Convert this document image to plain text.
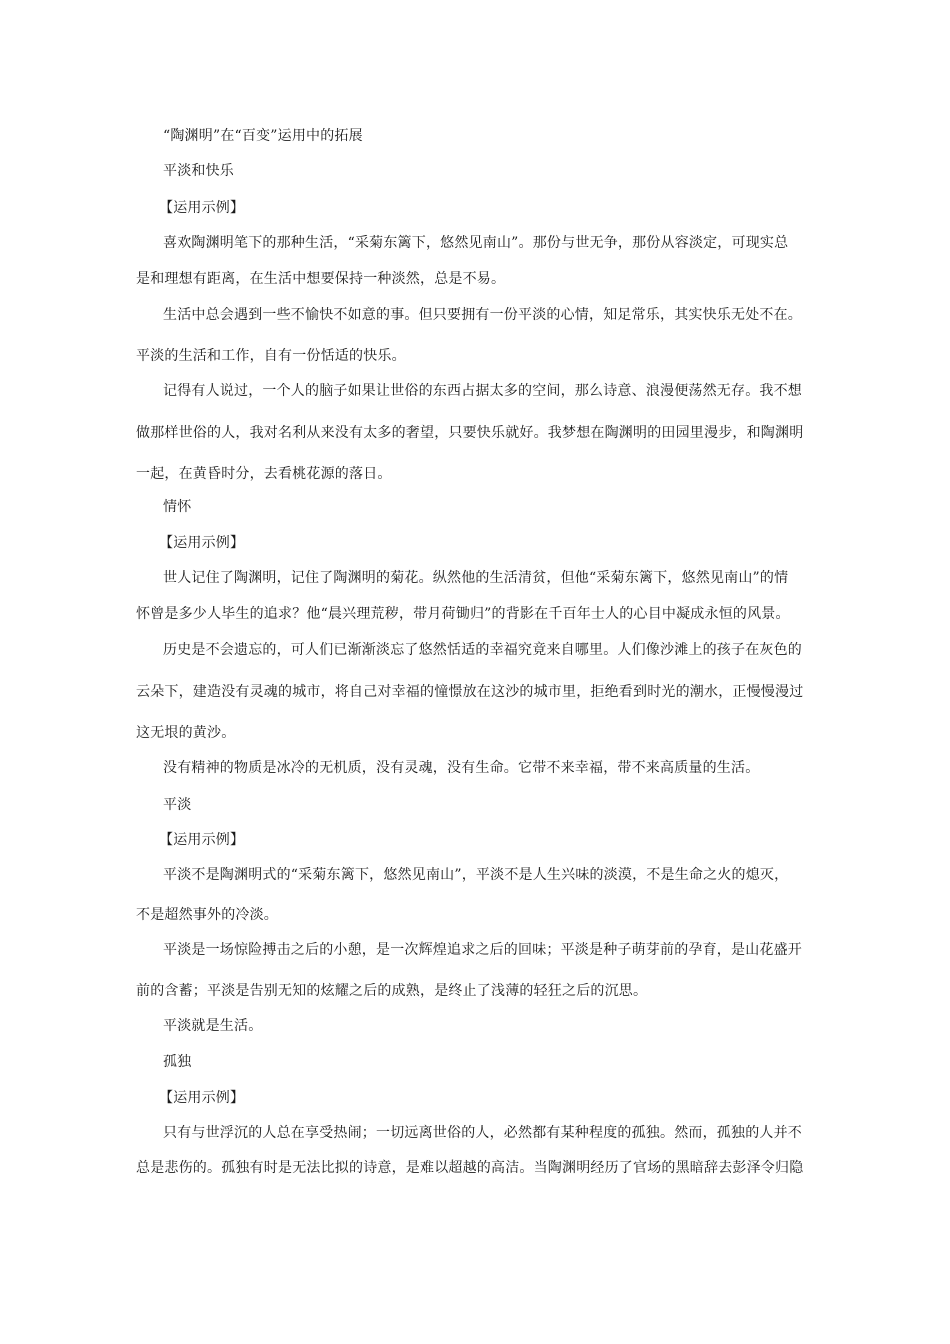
“陶渊明”在“百变”运用中的拓展
平淡和快乐
【运用示例】
喜欢陶渊明笔下的那种生活，“采菊东篱下，悠然见南山”。那份与世无争，那份从容淡定，可现实总
是和理想有距离，在生活中想要保持一种淡然，总是不易。
生活中总会遇到一些不愉快不如意的事。但只要拥有一份平淡的心情，知足常乐，其实快乐无处不在。
平淡的生活和工作，自有一份恬适的快乐。
记得有人说过，一个人的脑子如果让世俗的东西占据太多的空间，那么诗意、浪漫便荡然无存。我不想
做那样世俗的人，我对名利从来没有太多的奢望，只要快乐就好。我梦想在陶渊明的田园里漫步，和陶渊明
一起，在黄昏时分，去看桃花源的落日。
情怀
【运用示例】
世人记住了陶渊明，记住了陶渊明的菊花。纵然他的生活清贫，但他“采菊东篱下，悠然见南山”的情
怀曾是多少人毕生的追求？他“晨兴理荒秽，带月荷锄归”的背影在千百年士人的心目中凝成永恒的风景。
历史是不会遗忘的，可人们已渐渐淡忘了悠然恬适的幸福究竟来自哪里。人们像沙滩上的孩子在灰色的
云朵下，建造没有灵魂的城市，将自己对幸福的憧憬放在这沙的城市里，拒绝看到时光的潮水，正慢慢漫过
这无垠的黄沙。
没有精神的物质是冰冷的无机质，没有灵魂，没有生命。它带不来幸福，带不来高质量的生活。
平淡
【运用示例】
平淡不是陶渊明式的“采菊东篱下，悠然见南山”，平淡不是人生兴味的淡漠，不是生命之火的熄灭，
不是超然事外的冷淡。
平淡是一场惊险搏击之后的小憩，是一次辉煌追求之后的回味；平淡是种子萌芽前的孕育，是山花盛开
前的含蓄；平淡是告别无知的炫耀之后的成熟，是终止了浅薄的轻狂之后的沉思。
平淡就是生活。
孤独
【运用示例】
只有与世浮沉的人总在享受热闹；一切远离世俗的人，必然都有某种程度的孤独。然而，孤独的人并不
总是悲伤的。孤独有时是无法比拟的诗意，是难以超越的高洁。当陶渊明经历了官场的黑暗辞去彭泽令归隐
